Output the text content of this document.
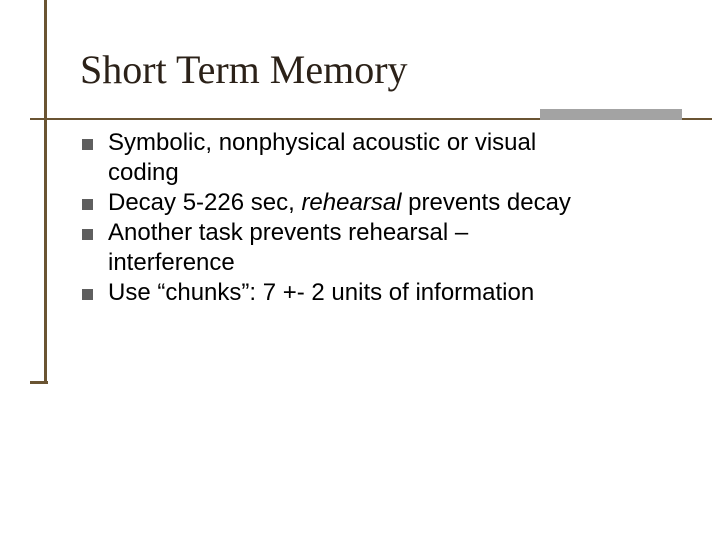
Short Term Memory
Symbolic, nonphysical acoustic or visual
coding
Decay 5-226 sec, rehearsal prevents decay
Another task prevents rehearsal –
interference
Use “chunks”: 7 +- 2 units of information
